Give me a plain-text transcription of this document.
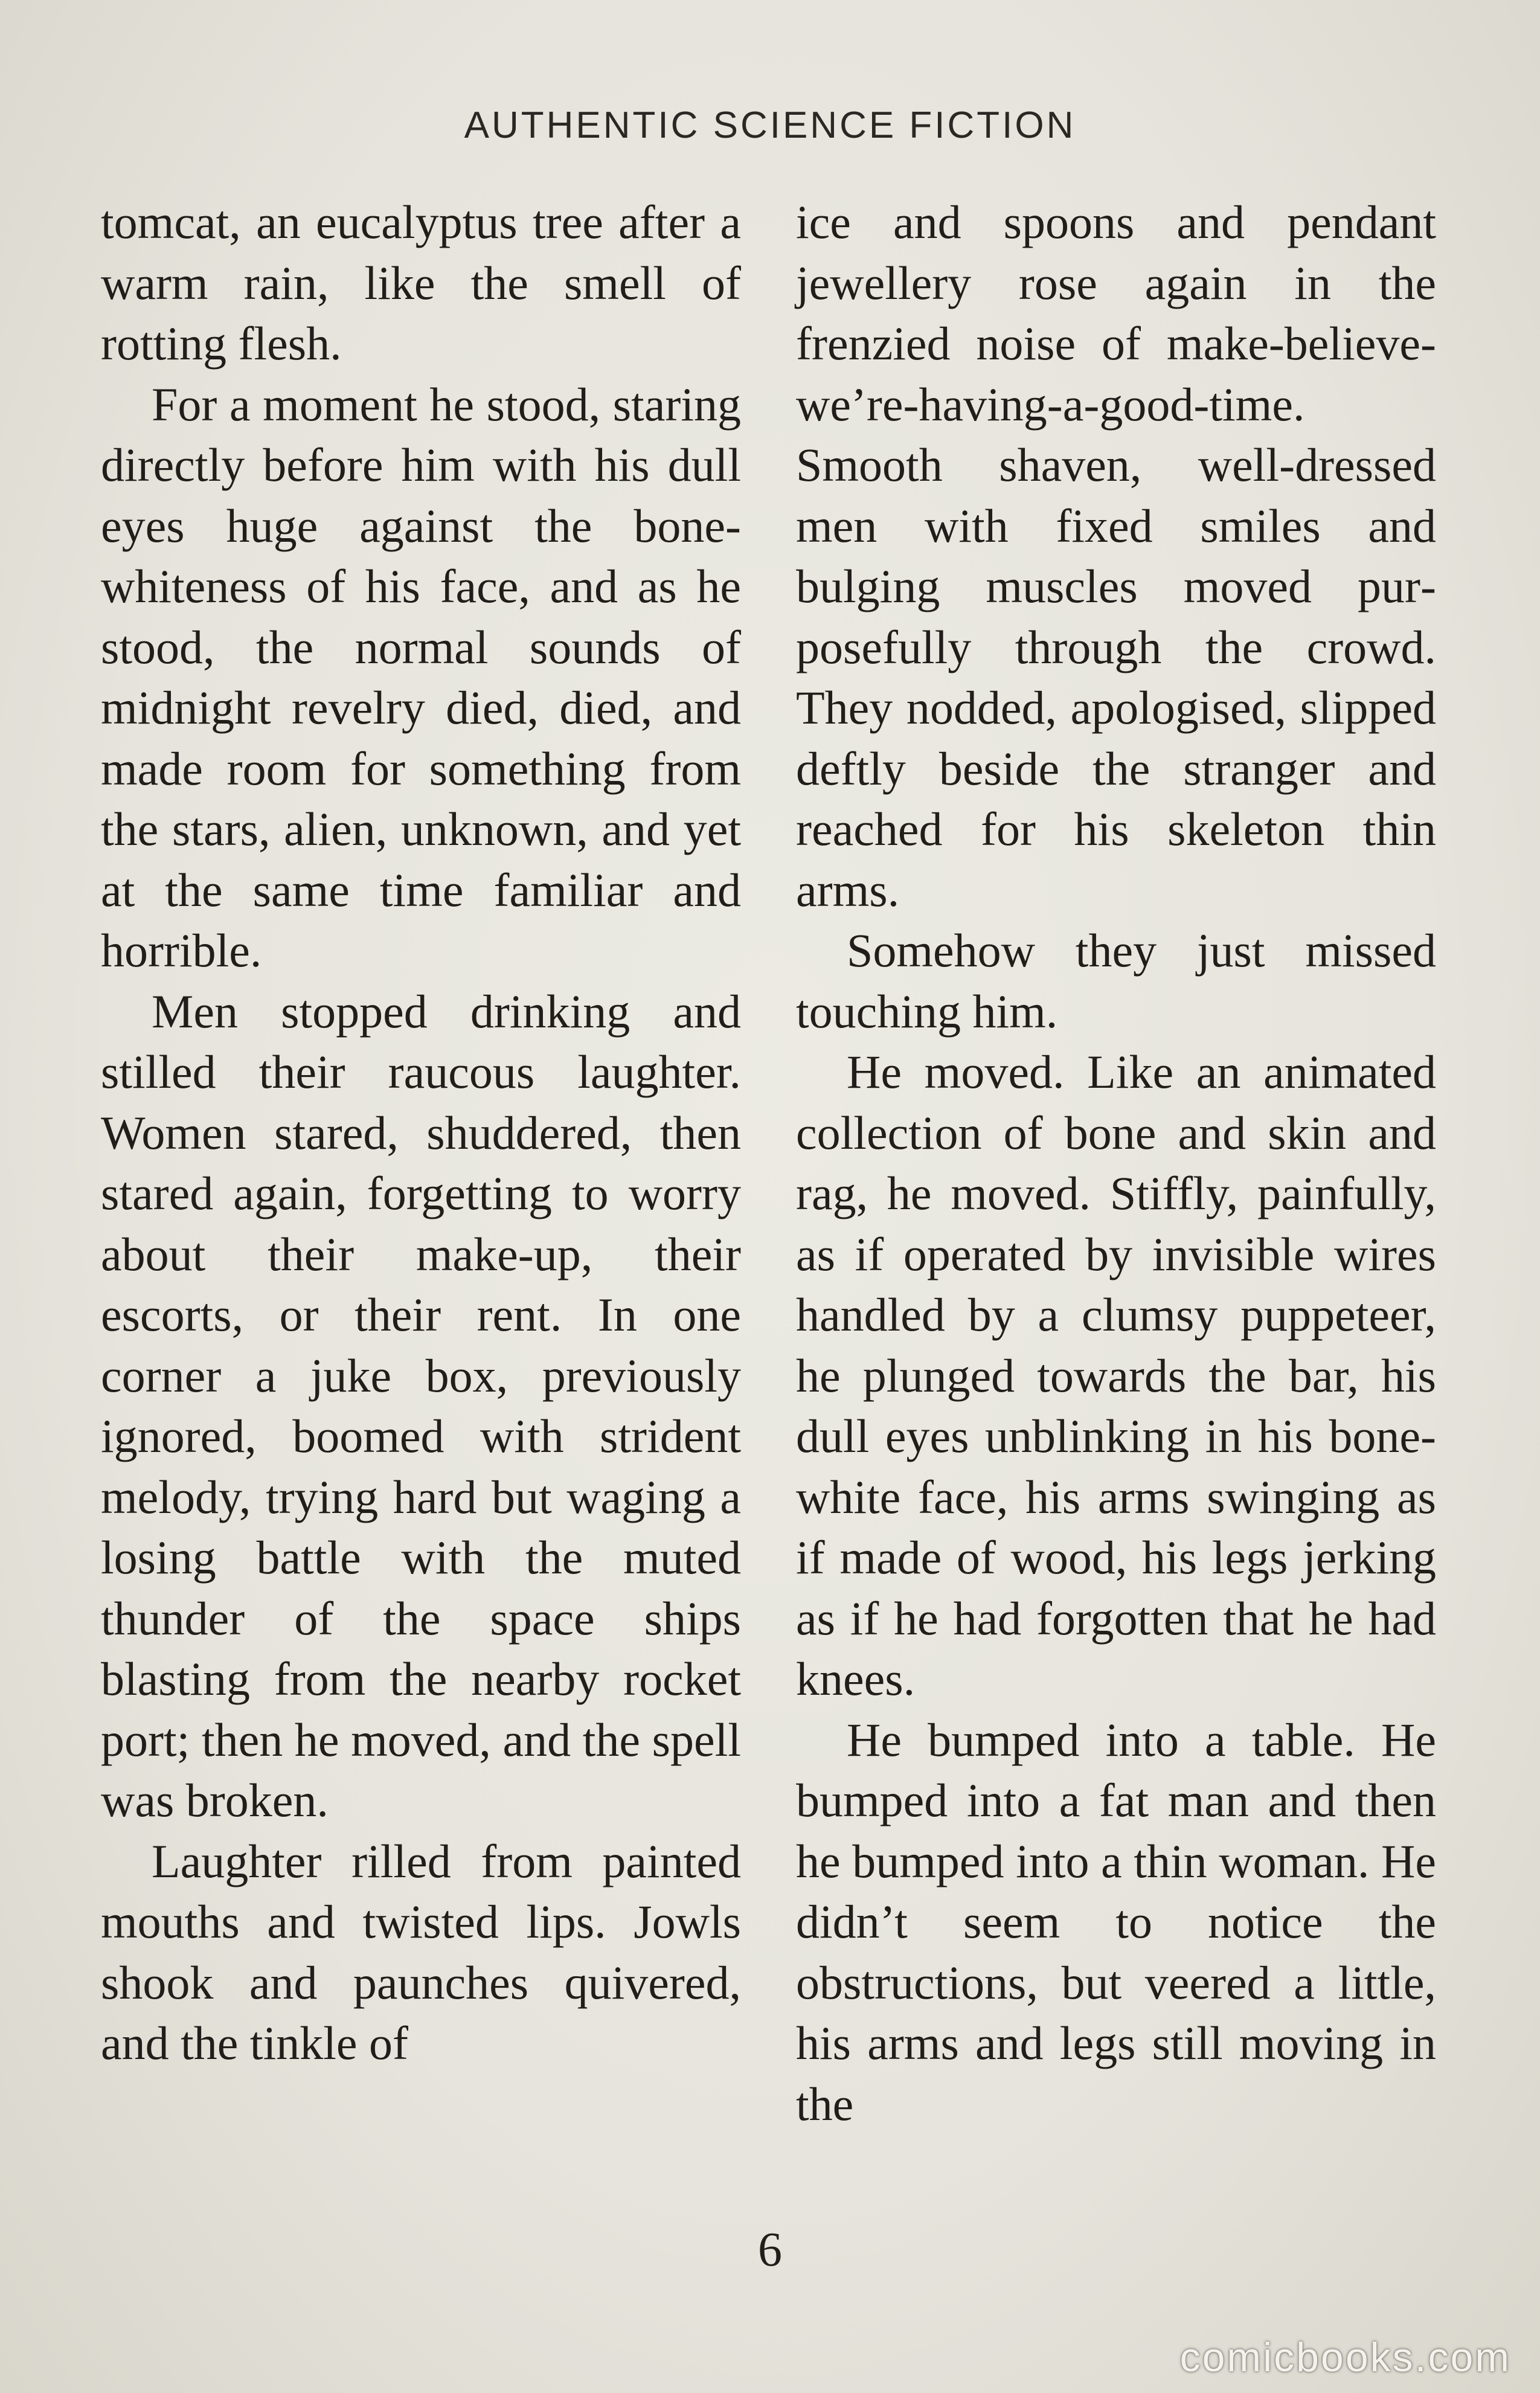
AUTHENTIC SCIENCE FICTION

tomcat, an eucalyptus tree after a warm rain, like the smell of rotting flesh.

For a moment he stood, staring directly before him with his dull eyes huge against the bone-whiteness of his face, and as he stood, the normal sounds of midnight revelry died, died, and made room for something from the stars, alien, unknown, and yet at the same time familiar and horrible.

Men stopped drinking and stilled their raucous laughter. Women stared, shuddered, then stared again, forgetting to worry about their make-up, their escorts, or their rent. In one corner a juke box, previously ignored, boomed with strident melody, trying hard but waging a losing battle with the muted thunder of the space ships blasting from the nearby rocket port; then he moved, and the spell was broken.

Laughter rilled from painted mouths and twisted lips. Jowls shook and paunches quivered, and the tinkle of

ice and spoons and pendant jewellery rose again in the frenzied noise of make-believewe’re-having-a-good-time. Smooth shaven, well-dressed men with fixed smiles and bulging muscles moved purposefully through the crowd. They nodded, apologised, slipped deftly beside the stranger and reached for his skeleton thin arms.

Somehow they just missed touching him.

He moved. Like an animated collection of bone and skin and rag, he moved. Stiffly, painfully, as if operated by invisible wires handled by a clumsy puppeteer, he plunged towards the bar, his dull eyes unblinking in his bone-white face, his arms swinging as if made of wood, his legs jerking as if he had forgotten that he had knees.

He bumped into a table. He bumped into a fat man and then he bumped into a thin woman. He didn’t seem to notice the obstructions, but veered a little, his arms and legs still moving in the

6
comicbooks.com
